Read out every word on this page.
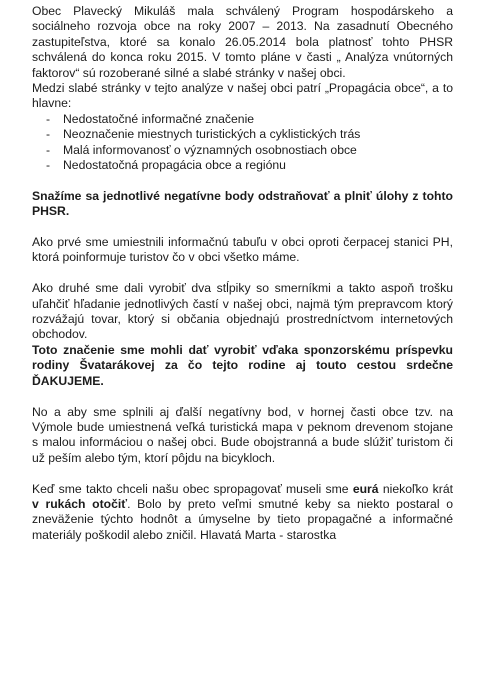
Obec Plavecký Mikuláš mala schválený Program hospodárskeho a sociálneho rozvoja obce na roky 2007 – 2013. Na zasadnutí Obecného zastupiteľstva, ktoré sa konalo 26.05.2014 bola platnosť tohto PHSR schválená do konca roku 2015. V tomto pláne v časti „ Analýza vnútorných faktorov“ sú rozoberané silné a slabé stránky v našej obci.

Medzi slabé stránky v tejto analýze v našej obci patrí „Propagácia obce“, a to hlavne:

-	Nedostatočné informačné značenie
-	Neoznačenie miestnych turistických a cyklistických trás
-	Malá informovanosť o významných osobnostiach obce
-	Nedostatočná propagácia obce a regiónu

Snažíme sa jednotlivé negatívne body odstraňovať a plniť úlohy z tohto PHSR.

Ako prvé sme umiestnili informačnú tabuľu v obci oproti čerpacej stanici PH, ktorá poinformuje turistov čo v obci všetko máme.

Ako druhé sme dali vyrobiť dva stĺpiky so smerníkmi a takto aspoň trošku uľahčiť hľadanie jednotlivých častí v našej obci, najmä tým prepravcom ktorý rozvážajú tovar, ktorý si občania objednajú prostredníctvom internetových obchodov.

Toto značenie sme mohli dať vyrobiť vďaka sponzorskému príspevku rodiny Švatarákovej za čo tejto rodine aj touto cestou srdečne ĎAKUJEME.

No a aby sme splnili aj ďalší negatívny bod, v hornej časti obce tzv. na Výmole bude umiestnená veľká turistická mapa v peknom drevenom stojane s malou informáciou o našej obci. Bude obojstranná a bude slúžiť turistom či už peším alebo tým, ktorí pôjdu na bicykloch.

Keď sme takto chceli našu obec spropagovať museli sme eurá niekoľko krát v rukách otočiť. Bolo by preto veľmi smutné keby sa niekto postaral o zneväženie týchto hodnôt a úmyselne by tieto propagačné a informačné materiály poškodil alebo zničil. Hlavatá Marta - starostka
